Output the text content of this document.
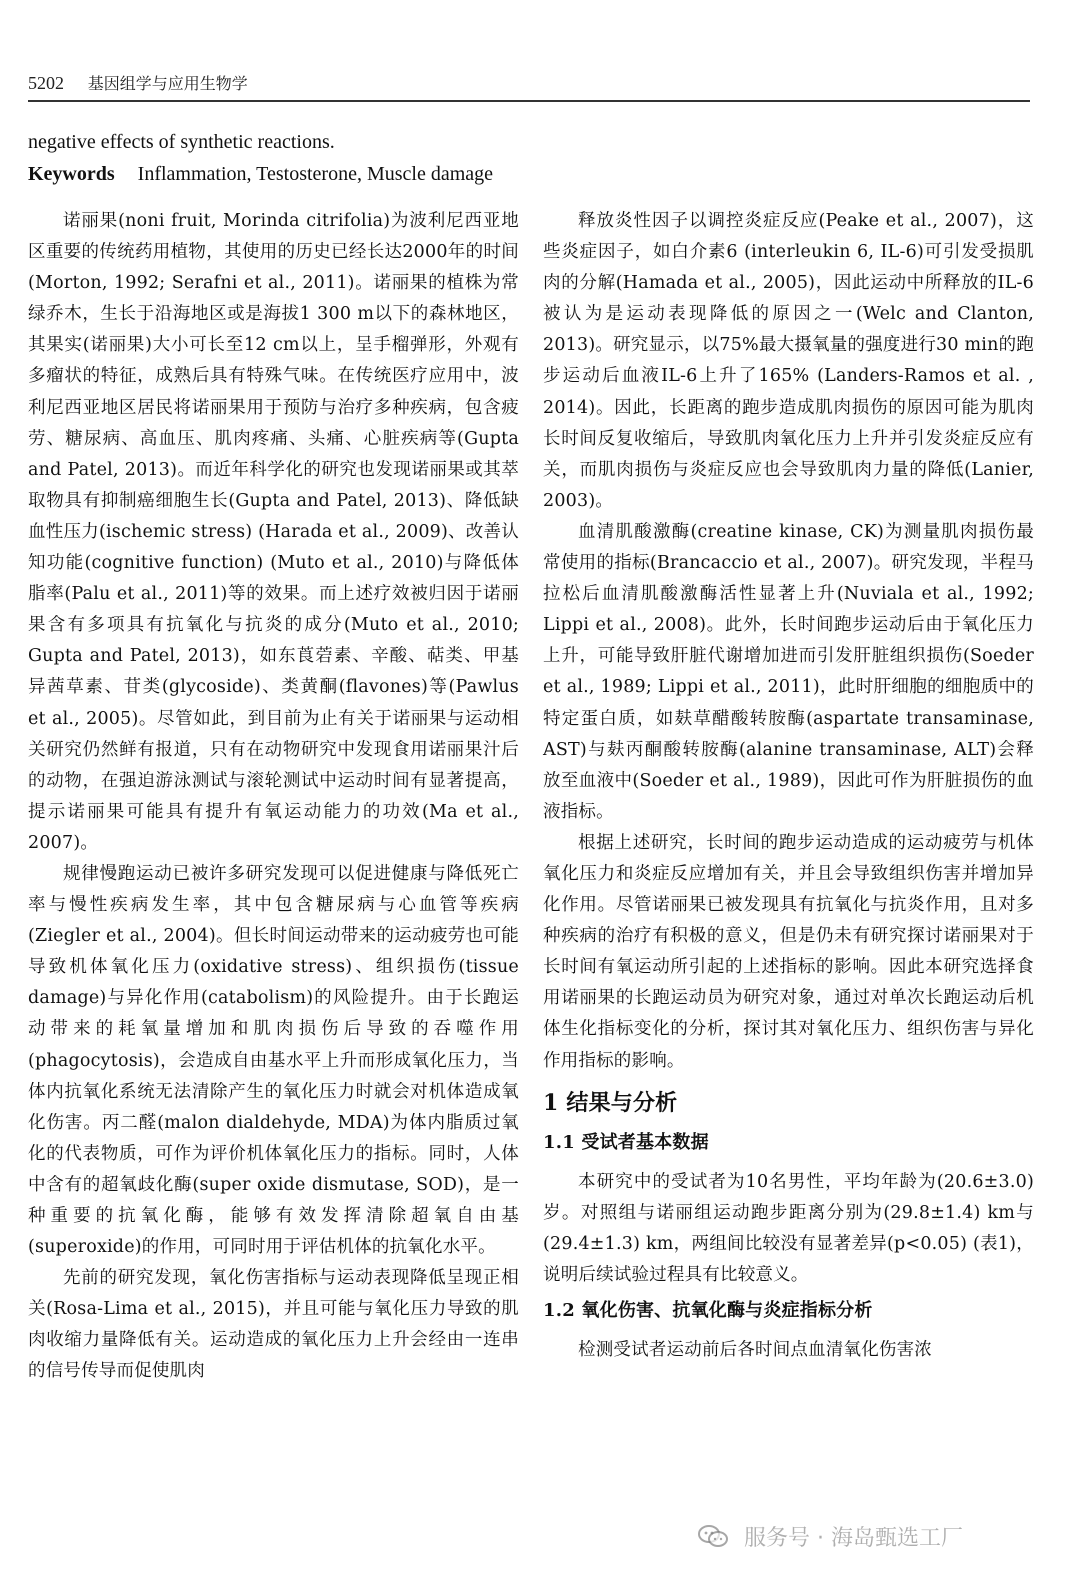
5202 基因组学与应用生物学
negative effects of synthetic reactions.
Keywords Inflammation, Testosterone, Muscle damage

诺丽果(noni fruit, Morinda citrifolia)为波利尼西亚地区重要的传统药用植物，其使用的历史已经长达2000年的时间 (Morton, 1992; Serafni et al., 2011)。诺丽果的植株为常绿乔木，生长于沿海地区或是海拔1 300 m以下的森林地区，其果实(诺丽果)大小可长至12 cm以上，呈手榴弹形，外观有多瘤状的特征，成熟后具有特殊气味。在传统医疗应用中，波利尼西亚地区居民将诺丽果用于预防与治疗多种疾病，包含疲劳、糖尿病、高血压、肌肉疼痛、头痛、心脏疾病等(Gupta and Patel, 2013)。而近年科学化的研究也发现诺丽果或其萃取物具有抑制癌细胞生长(Gupta and Patel, 2013)、降低缺血性压力(ischemic stress) (Harada et al., 2009)、改善认知功能(cognitive function) (Muto et al., 2010)与降低体脂率(Palu et al., 2011)等的效果。而上述疗效被归因于诺丽果含有多项具有抗氧化与抗炎的成分(Muto et al., 2010; Gupta and Patel, 2013)，如东莨菪素、辛酸、萜类、甲基异茜草素、苷类(glycoside)、类黄酮(flavones)等(Pawlus et al., 2005)。尽管如此，到目前为止有关于诺丽果与运动相关研究仍然鲜有报道，只有在动物研究中发现食用诺丽果汁后的动物，在强迫游泳测试与滚轮测试中运动时间有显著提高，提示诺丽果可能具有提升有氧运动能力的功效(Ma et al., 2007)。

规律慢跑运动已被许多研究发现可以促进健康与降低死亡率与慢性疾病发生率，其中包含糖尿病与心血管等疾病(Ziegler et al., 2004)。但长时间运动带来的运动疲劳也可能导致机体氧化压力(oxidative stress)、组织损伤(tissue damage)与异化作用(catabolism)的风险提升。由于长跑运动带来的耗氧量增加和肌肉损伤后导致的吞噬作用(phagocytosis)，会造成自由基水平上升而形成氧化压力，当体内抗氧化系统无法清除产生的氧化压力时就会对机体造成氧化伤害。丙二醛(malon dialdehyde, MDA)为体内脂质过氧化的代表物质，可作为评价机体氧化压力的指标。同时，人体中含有的超氧歧化酶(super oxide dismutase, SOD)，是一种重要的抗氧化酶，能够有效发挥清除超氧自由基(superoxide)的作用，可同时用于评估机体的抗氧化水平。

先前的研究发现，氧化伤害指标与运动表现降低呈现正相关(Rosa-Lima et al., 2015)，并且可能与氧化压力导致的肌肉收缩力量降低有关。运动造成的氧化压力上升会经由一连串的信号传导而促使肌肉

释放炎性因子以调控炎症反应(Peake et al., 2007)，这些炎症因子，如白介素6 (interleukin 6, IL-6)可引发受损肌肉的分解(Hamada et al., 2005)，因此运动中所释放的IL-6被认为是运动表现降低的原因之一(Welc and Clanton, 2013)。研究显示，以75%最大摄氧量的强度进行30 min的跑步运动后血液IL-6上升了165% (Landers-Ramos et al. , 2014)。因此，长距离的跑步造成肌肉损伤的原因可能为肌肉长时间反复收缩后，导致肌肉氧化压力上升并引发炎症反应有关，而肌肉损伤与炎症反应也会导致肌肉力量的降低(Lanier, 2003)。

血清肌酸激酶(creatine kinase, CK)为测量肌肉损伤最常使用的指标(Brancaccio et al., 2007)。研究发现，半程马拉松后血清肌酸激酶活性显著上升(Nuviala et al., 1992; Lippi et al., 2008)。此外，长时间跑步运动后由于氧化压力上升，可能导致肝脏代谢增加进而引发肝脏组织损伤(Soeder et al., 1989; Lippi et al., 2011)，此时肝细胞的细胞质中的特定蛋白质，如麸草醋酸转胺酶(aspartate transaminase, AST)与麸丙酮酸转胺酶(alanine transaminase, ALT)会释放至血液中(Soeder et al., 1989)，因此可作为肝脏损伤的血液指标。

根据上述研究，长时间的跑步运动造成的运动疲劳与机体氧化压力和炎症反应增加有关，并且会导致组织伤害并增加异化作用。尽管诺丽果已被发现具有抗氧化与抗炎作用，且对多种疾病的治疗有积极的意义，但是仍未有研究探讨诺丽果对于长时间有氧运动所引起的上述指标的影响。因此本研究选择食用诺丽果的长跑运动员为研究对象，通过对单次长跑运动后机体生化指标变化的分析，探讨其对氧化压力、组织伤害与异化作用指标的影响。

1 结果与分析
1.1 受试者基本数据

本研究中的受试者为10名男性，平均年龄为(20.6±3.0)岁。对照组与诺丽组运动跑步距离分别为(29.8±1.4) km与(29.4±1.3) km，两组间比较没有显著差异(p<0.05) (表1)，说明后续试验过程具有比较意义。

1.2 氧化伤害、抗氧化酶与炎症指标分析

检测受试者运动前后各时间点血清氧化伤害浓

服务号 · 海岛甄选工厂
